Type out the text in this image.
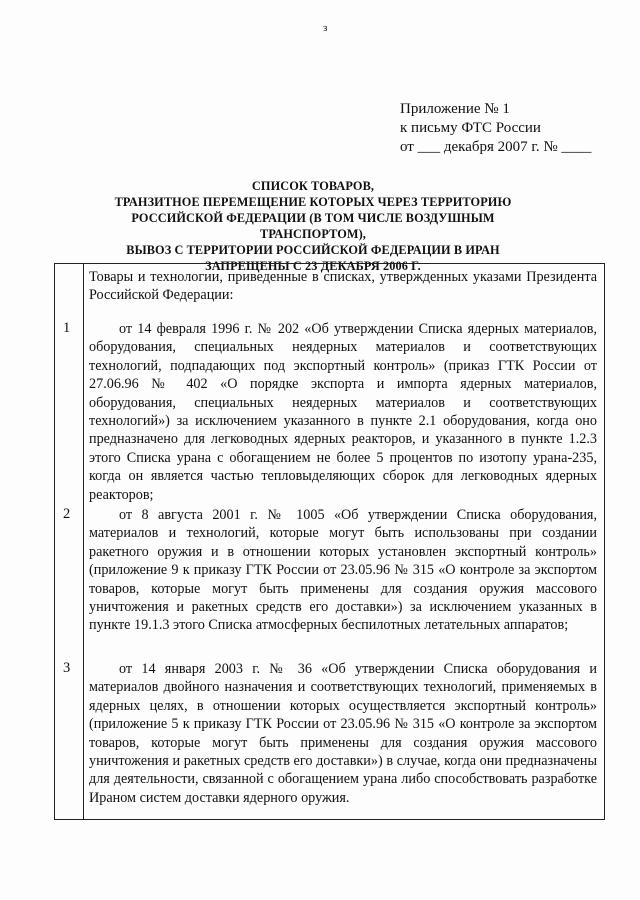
з
Приложение № 1
к письму ФТС России
от ___ декабря 2007 г. № ____
СПИСОК ТОВАРОВ,
ТРАНЗИТНОЕ ПЕРЕМЕЩЕНИЕ КОТОРЫХ ЧЕРЕЗ ТЕРРИТОРИЮ
РОССИЙСКОЙ ФЕДЕРАЦИИ (В ТОМ ЧИСЛЕ ВОЗДУШНЫМ ТРАНСПОРТОМ),
ВЫВОЗ С ТЕРРИТОРИИ РОССИЙСКОЙ ФЕДЕРАЦИИ В ИРАН
ЗАПРЕЩЕНЫ С 23 ДЕКАБРЯ 2006 Г.
Товары и технологии, приведенные в списках, утвержденных указами Президента Российской Федерации:
1	от 14 февраля 1996 г. № 202 «Об утверждении Списка ядерных материалов, оборудования, специальных неядерных материалов и соответствующих технологий, подпадающих под экспортный контроль» (приказ ГТК России от 27.06.96 № 402 «О порядке экспорта и импорта ядерных материалов, оборудования, специальных неядерных материалов и соответствующих технологий») за исключением указанного в пункте 2.1 оборудования, когда оно предназначено для легководных ядерных реакторов, и указанного в пункте 1.2.3 этого Списка урана с обогащением не более 5 процентов по изотопу урана-235, когда он является частью тепловыделяющих сборок для легководных ядерных реакторов;
2	от 8 августа 2001 г. № 1005 «Об утверждении Списка оборудования, материалов и технологий, которые могут быть использованы при создании ракетного оружия и в отношении которых установлен экспортный контроль» (приложение 9 к приказу ГТК России от 23.05.96 № 315 «О контроле за экспортом товаров, которые могут быть применены для создания оружия массового уничтожения и ракетных средств его доставки») за исключением указанных в пункте 19.1.3 этого Списка атмосферных беспилотных летательных аппаратов;
3	от 14 января 2003 г. № 36 «Об утверждении Списка оборудования и материалов двойного назначения и соответствующих технологий, применяемых в ядерных целях, в отношении которых осуществляется экспортный контроль» (приложение 5 к приказу ГТК России от 23.05.96 № 315 «О контроле за экспортом товаров, которые могут быть применены для создания оружия массового уничтожения и ракетных средств его доставки») в случае, когда они предназначены для деятельности, связанной с обогащением урана либо способствовать разработке Ираном систем доставки ядерного оружия.
